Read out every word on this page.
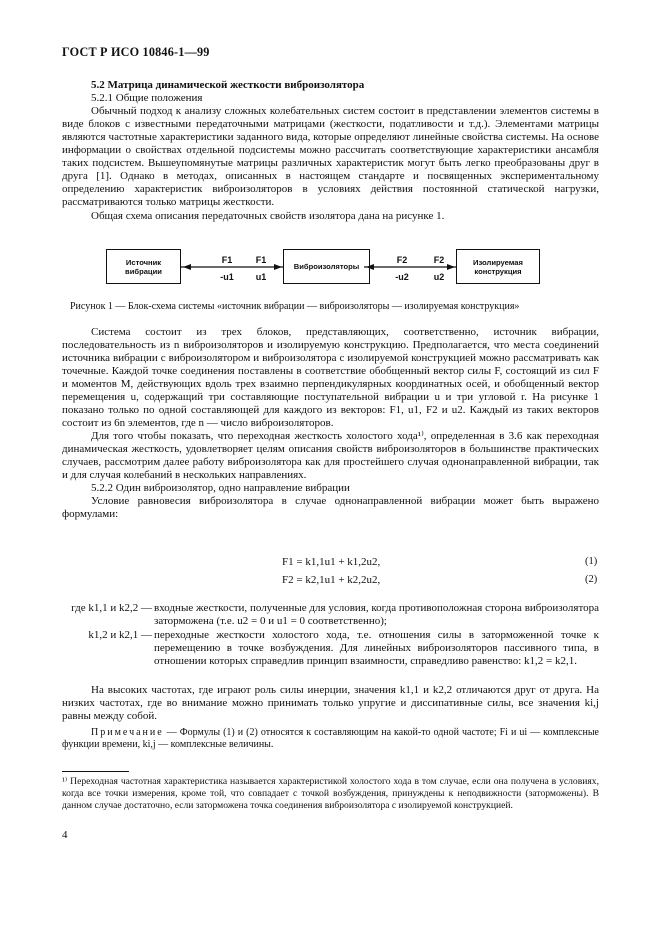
ГОСТ Р ИСО 10846-1—99
5.2 Матрица динамической жесткости виброизолятора
5.2.1 Общие положения

Обычный подход к анализу сложных колебательных систем состоит в представлении элементов системы в виде блоков с известными передаточными матрицами (жесткости, податливости и т.д.). Элементами матрицы являются частотные характеристики заданного вида, которые определяют линейные свойства системы. На основе информации о свойствах отдельной подсистемы можно рассчитать соответствующие характеристики ансамбля таких подсистем. Вышеупомянутые матрицы различных характеристик могут быть легко преобразованы друг в друга [1]. Однако в методах, описанных в настоящем стандарте и посвященных экспериментальному определению характеристик виброизоляторов в условиях действия постоянной статической нагрузки, рассматриваются только матрицы жесткости.

Общая схема описания передаточных свойств изолятора дана на рисунке 1.

Источник вибрации	Виброизоляторы	Изолируемая конструкция
F1
-u1
F1
u1
F2
-u2
F2
u2
Рисунок 1 — Блок-схема системы «источник вибрации — виброизоляторы — изолируемая конструкция»

Система состоит из трех блоков, представляющих, соответственно, источник вибрации, последовательность из n виброизоляторов и изолируемую конструкцию. Предполагается, что места соединений источника вибрации с виброизолятором и виброизолятора с изолируемой конструкцией можно рассматривать как точечные. Каждой точке соединения поставлены в соответствие обобщенный вектор силы F, состоящий из сил F и моментов M, действующих вдоль трех взаимно перпендикулярных координатных осей, и обобщенный вектор перемещения u, содержащий три составляющие поступательной вибрации u и три угловой r. На рисунке 1 показано только по одной составляющей для каждого из векторов: F1, u1, F2 и u2. Каждый из таких векторов состоит из 6n элементов, где n — число виброизоляторов.

Для того чтобы показать, что переходная жесткость холостого хода¹⁾, определенная в 3.6 как переходная динамическая жесткость, удовлетворяет целям описания свойств виброизоляторов в большинстве практических случаев, рассмотрим далее работу виброизолятора как для простейшего случая однонаправленной вибрации, так и для случая колебаний в нескольких направлениях.

5.2.2 Один виброизолятор, одно направление вибрации

Условие равновесия виброизолятора в случае однонаправленной вибрации может быть выражено формулами:

F1 = k1,1u1 + k1,2u2,	(1)
F2 = k2,1u1 + k2,2u2,	(2)
где k1,1 и k2,2 — входные жесткости, полученные для условия, когда противоположная сторона виброизолятора заторможена (т.е. u2 = 0 и u1 = 0 соответственно);
k1,2 и k2,1 — переходные жесткости холостого хода, т.е. отношения силы в заторможенной точке к перемещению в точке возбуждения. Для линейных виброизоляторов пассивного типа, в отношении которых справедлив принцип взаимности, справедливо равенство: k1,2 = k2,1.

На высоких частотах, где играют роль силы инерции, значения k1,1 и k2,2 отличаются друг от друга. На низких частотах, где во внимание можно принимать только упругие и диссипативные силы, все значения ki,j равны между собой.

Примечание — Формулы (1) и (2) относятся к составляющим на какой-то одной частоте; Fi и ui — комплексные функции времени, ki,j — комплексные величины.

¹⁾ Переходная частотная характеристика называется характеристикой холостого хода в том случае, если она получена в условиях, когда все точки измерения, кроме той, что совпадает с точкой возбуждения, принуждены к неподвижности (заторможены). В данном случае достаточно, если заторможена точка соединения виброизолятора с изолируемой конструкцией.

4
